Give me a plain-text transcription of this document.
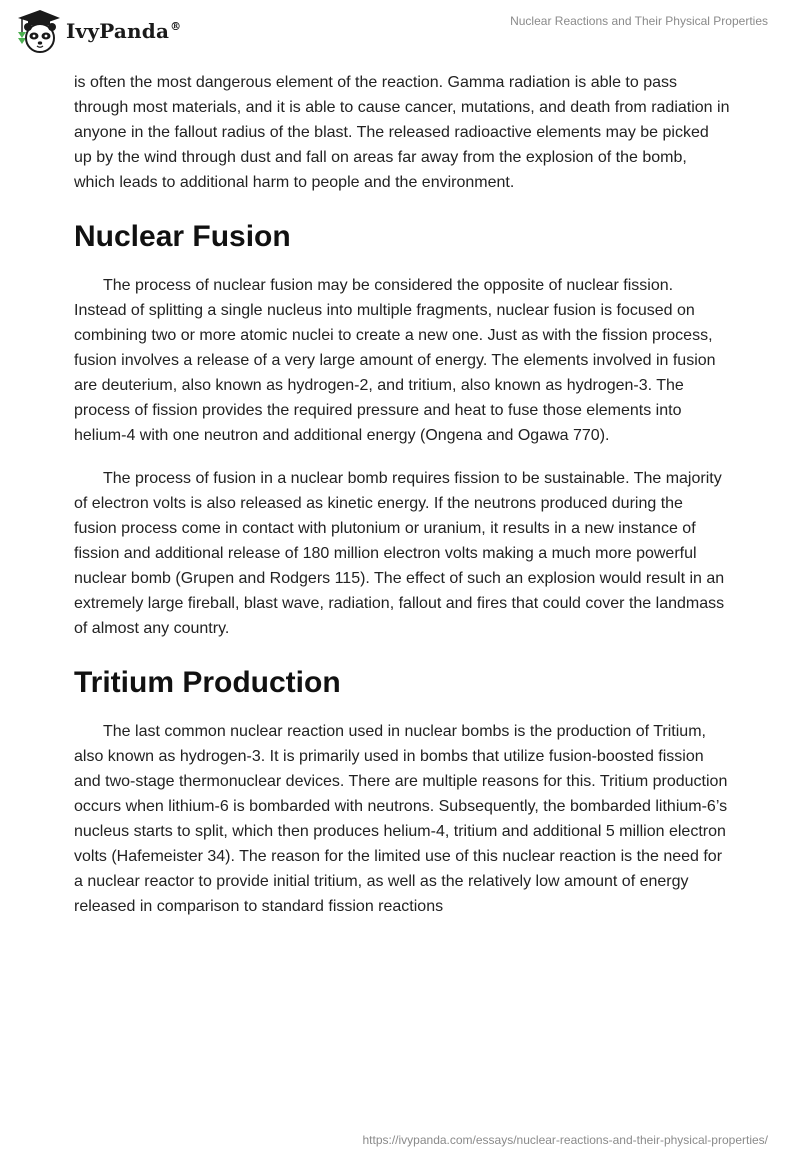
IvyPanda®	Nuclear Reactions and Their Physical Properties

is often the most dangerous element of the reaction. Gamma radiation is able to pass through most materials, and it is able to cause cancer, mutations, and death from radiation in anyone in the fallout radius of the blast. The released radioactive elements may be picked up by the wind through dust and fall on areas far away from the explosion of the bomb, which leads to additional harm to people and the environment.

Nuclear Fusion

The process of nuclear fusion may be considered the opposite of nuclear fission. Instead of splitting a single nucleus into multiple fragments, nuclear fusion is focused on combining two or more atomic nuclei to create a new one. Just as with the fission process, fusion involves a release of a very large amount of energy. The elements involved in fusion are deuterium, also known as hydrogen-2, and tritium, also known as hydrogen-3. The process of fission provides the required pressure and heat to fuse those elements into helium-4 with one neutron and additional energy (Ongena and Ogawa 770).

The process of fusion in a nuclear bomb requires fission to be sustainable. The majority of electron volts is also released as kinetic energy. If the neutrons produced during the fusion process come in contact with plutonium or uranium, it results in a new instance of fission and additional release of 180 million electron volts making a much more powerful nuclear bomb (Grupen and Rodgers 115). The effect of such an explosion would result in an extremely large fireball, blast wave, radiation, fallout and fires that could cover the landmass of almost any country.

Tritium Production

The last common nuclear reaction used in nuclear bombs is the production of Tritium, also known as hydrogen-3. It is primarily used in bombs that utilize fusion-boosted fission and two-stage thermonuclear devices. There are multiple reasons for this. Tritium production occurs when lithium-6 is bombarded with neutrons. Subsequently, the bombarded lithium-6’s nucleus starts to split, which then produces helium-4, tritium and additional 5 million electron volts (Hafemeister 34). The reason for the limited use of this nuclear reaction is the need for a nuclear reactor to provide initial tritium, as well as the relatively low amount of energy released in comparison to standard fission reactions

https://ivypanda.com/essays/nuclear-reactions-and-their-physical-properties/
